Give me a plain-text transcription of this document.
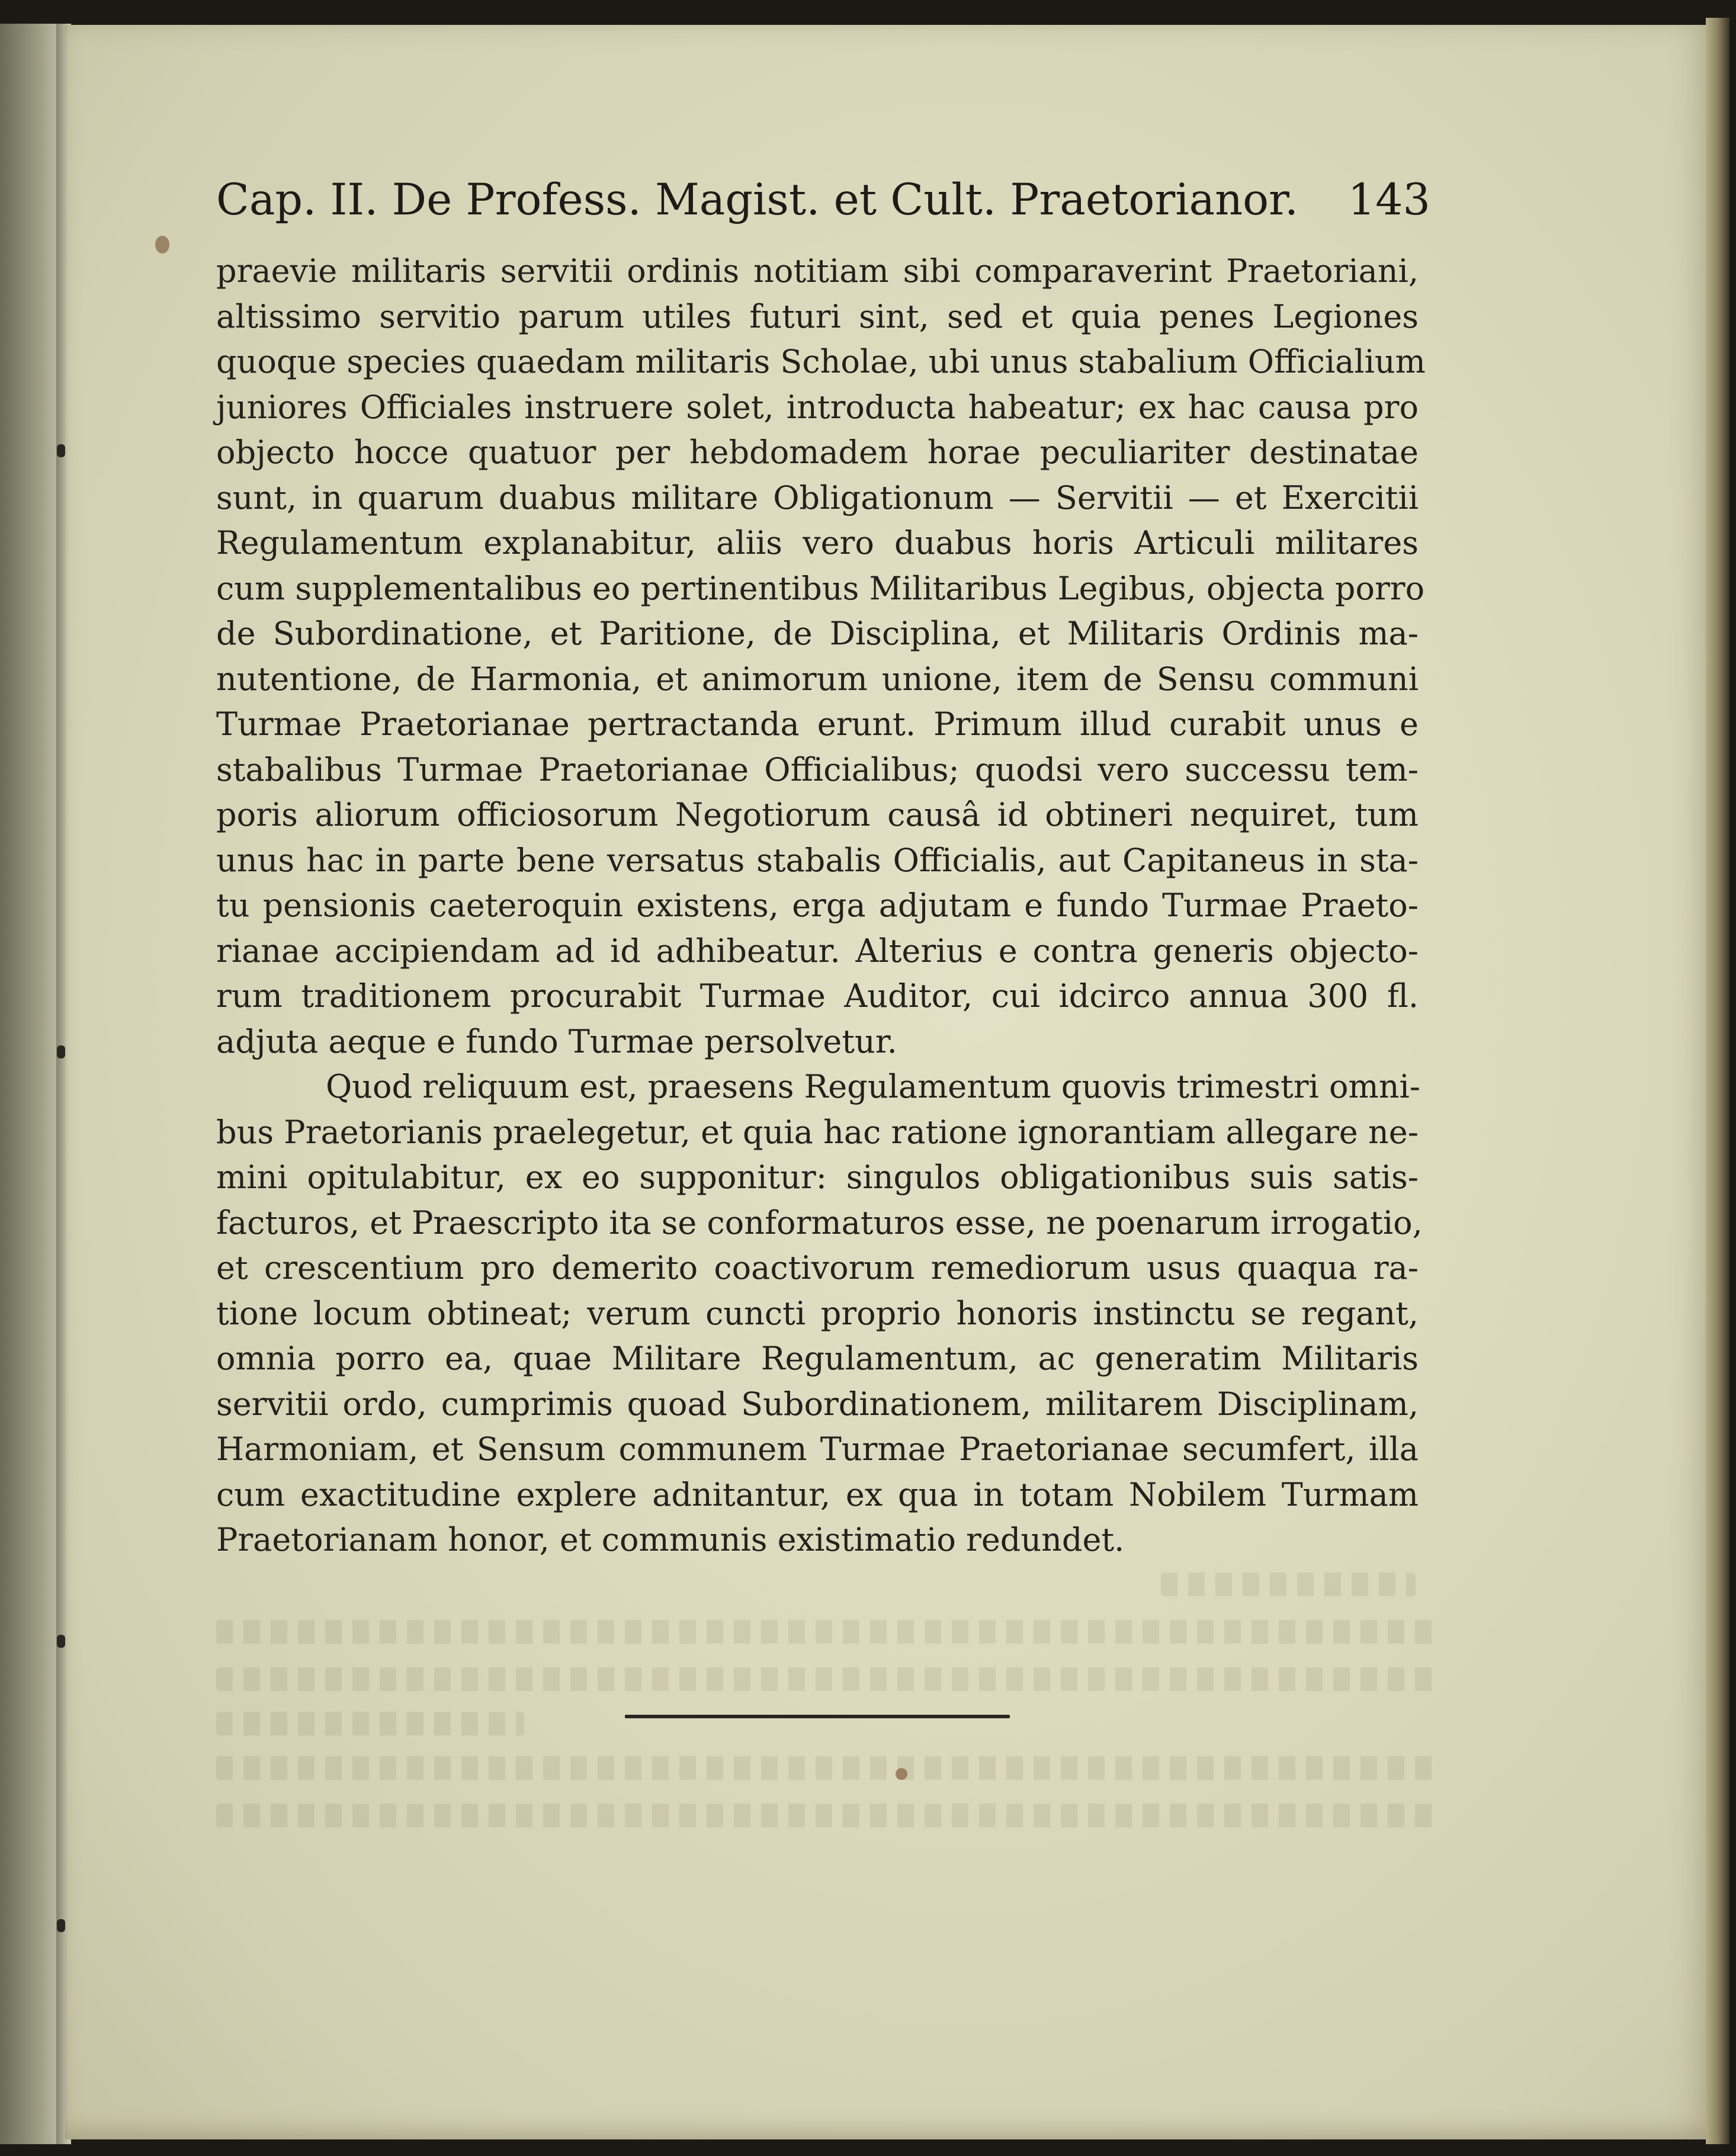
Cap. II. De Profess. Magist. et Cult. Praetorianor. 143
praevie militaris servitii ordinis notitiam sibi comparaverint Praetoriani,
altissimo servitio parum utiles futuri sint, sed et quia penes Legiones
quoque species quaedam militaris Scholae, ubi unus stabalium Officialium
juniores Officiales instruere solet, introducta habeatur; ex hac causa pro
objecto hocce quatuor per hebdomadem horae peculiariter destinatae
sunt, in quarum duabus militare Obligationum — Servitii — et Exercitii
Regulamentum explanabitur, aliis vero duabus horis Articuli militares
cum supplementalibus eo pertinentibus Militaribus Legibus, objecta porro
de Subordinatione, et Paritione, de Disciplina, et Militaris Ordinis ma-
nutentione, de Harmonia, et animorum unione, item de Sensu communi
Turmae Praetorianae pertractanda erunt. Primum illud curabit unus e
stabalibus Turmae Praetorianae Officialibus; quodsi vero successu tem-
poris aliorum officiosorum Negotiorum causâ id obtineri nequiret, tum
unus hac in parte bene versatus stabalis Officialis, aut Capitaneus in sta-
tu pensionis caeteroquin existens, erga adjutam e fundo Turmae Praeto-
rianae accipiendam ad id adhibeatur. Alterius e contra generis objecto-
rum traditionem procurabit Turmae Auditor, cui idcirco annua 300 fl.
adjuta aeque e fundo Turmae persolvetur.
Quod reliquum est, praesens Regulamentum quovis trimestri omni-
bus Praetorianis praelegetur, et quia hac ratione ignorantiam allegare ne-
mini opitulabitur, ex eo supponitur: singulos obligationibus suis satis-
facturos, et Praescripto ita se conformaturos esse, ne poenarum irrogatio,
et crescentium pro demerito coactivorum remediorum usus quaqua ra-
tione locum obtineat; verum cuncti proprio honoris instinctu se regant,
omnia porro ea, quae Militare Regulamentum, ac generatim Militaris
servitii ordo, cumprimis quoad Subordinationem, militarem Disciplinam,
Harmoniam, et Sensum communem Turmae Praetorianae secumfert, illa
cum exactitudine explere adnitantur, ex qua in totam Nobilem Turmam
Praetorianam honor, et communis existimatio redundet.
